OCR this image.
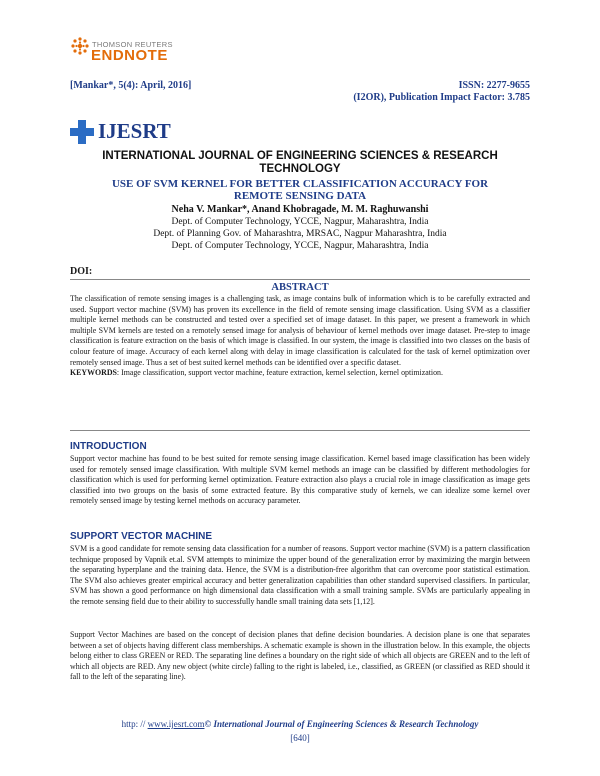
THOMSON REUTERS
ENDNOTE
[Mankar*, 5(4): April, 2016]	ISSN: 2277-9655
(I2OR), Publication Impact Factor: 3.785
IJESRT
INTERNATIONAL JOURNAL OF ENGINEERING SCIENCES & RESEARCH
TECHNOLOGY
USE OF SVM KERNEL FOR BETTER CLASSIFICATION ACCURACY FOR
REMOTE SENSING DATA
Neha V. Mankar*, Anand Khobragade, M. M. Raghuwanshi
Dept. of Computer Technology, YCCE, Nagpur, Maharashtra, India
Dept. of Planning Gov. of Maharashtra, MRSAC, Nagpur Maharashtra, India
Dept. of Computer Technology, YCCE, Nagpur, Maharashtra, India
DOI:
ABSTRACT
The classification of remote sensing images is a challenging task, as image contains bulk of information which is to be carefully extracted and used. Support vector machine (SVM) has proven its excellence in the field of remote sensing image classification. Using SVM as a classifier multiple kernel methods can be constructed and tested over a specified set of image dataset. In this paper, we present a framework in which multiple SVM kernels are tested on a remotely sensed image for analysis of behaviour of kernel methods over image dataset. Pre-step to image classification is feature extraction on the basis of which image is classified. In our system, the image is classified into two classes on the basis of colour feature of image. Accuracy of each kernel along with delay in image classification is calculated for the task of kernel optimization over remotely sensed image. Thus a set of best suited kernel methods can be identified over a specific dataset.
KEYWORDS: Image classification, support vector machine, feature extraction, kernel selection, kernel optimization.
INTRODUCTION
Support vector machine has found to be best suited for remote sensing image classification. Kernel based image classification has been widely used for remotely sensed image classification. With multiple SVM kernel methods an image can be classified by different methodologies for classification which is used for performing kernel optimization. Feature extraction also plays a crucial role in image classification as image gets classified into two groups on the basis of some extracted feature. By this comparative study of kernels, we can idealize some kernel over remotely sensed image by testing kernel methods on accuracy parameter.
SUPPORT VECTOR MACHINE
SVM is a good candidate for remote sensing data classification for a number of reasons. Support vector machine (SVM) is a pattern classification technique proposed by Vapnik et.al. SVM attempts to minimize the upper bound of the generalization error by maximizing the margin between the separating hyperplane and the training data. Hence, the SVM is a distribution-free algorithm that can overcome poor statistical estimation. The SVM also achieves greater empirical accuracy and better generalization capabilities than other standard supervised classifiers. In particular, SVM has shown a good performance on high dimensional data classification with a small training sample. SVMs are particularly appealing in the remote sensing field due to their ability to successfully handle small training data sets [1,12].
Support Vector Machines are based on the concept of decision planes that define decision boundaries. A decision plane is one that separates between a set of objects having different class memberships. A schematic example is shown in the illustration below. In this example, the objects belong either to class GREEN or RED. The separating line defines a boundary on the right side of which all objects are GREEN and to the left of which all objects are RED. Any new object (white circle) falling to the right is labeled, i.e., classified, as GREEN (or classified as RED should it fall to the left of the separating line).
http: // www.ijesrt.com© International Journal of Engineering Sciences & Research Technology
[640]
